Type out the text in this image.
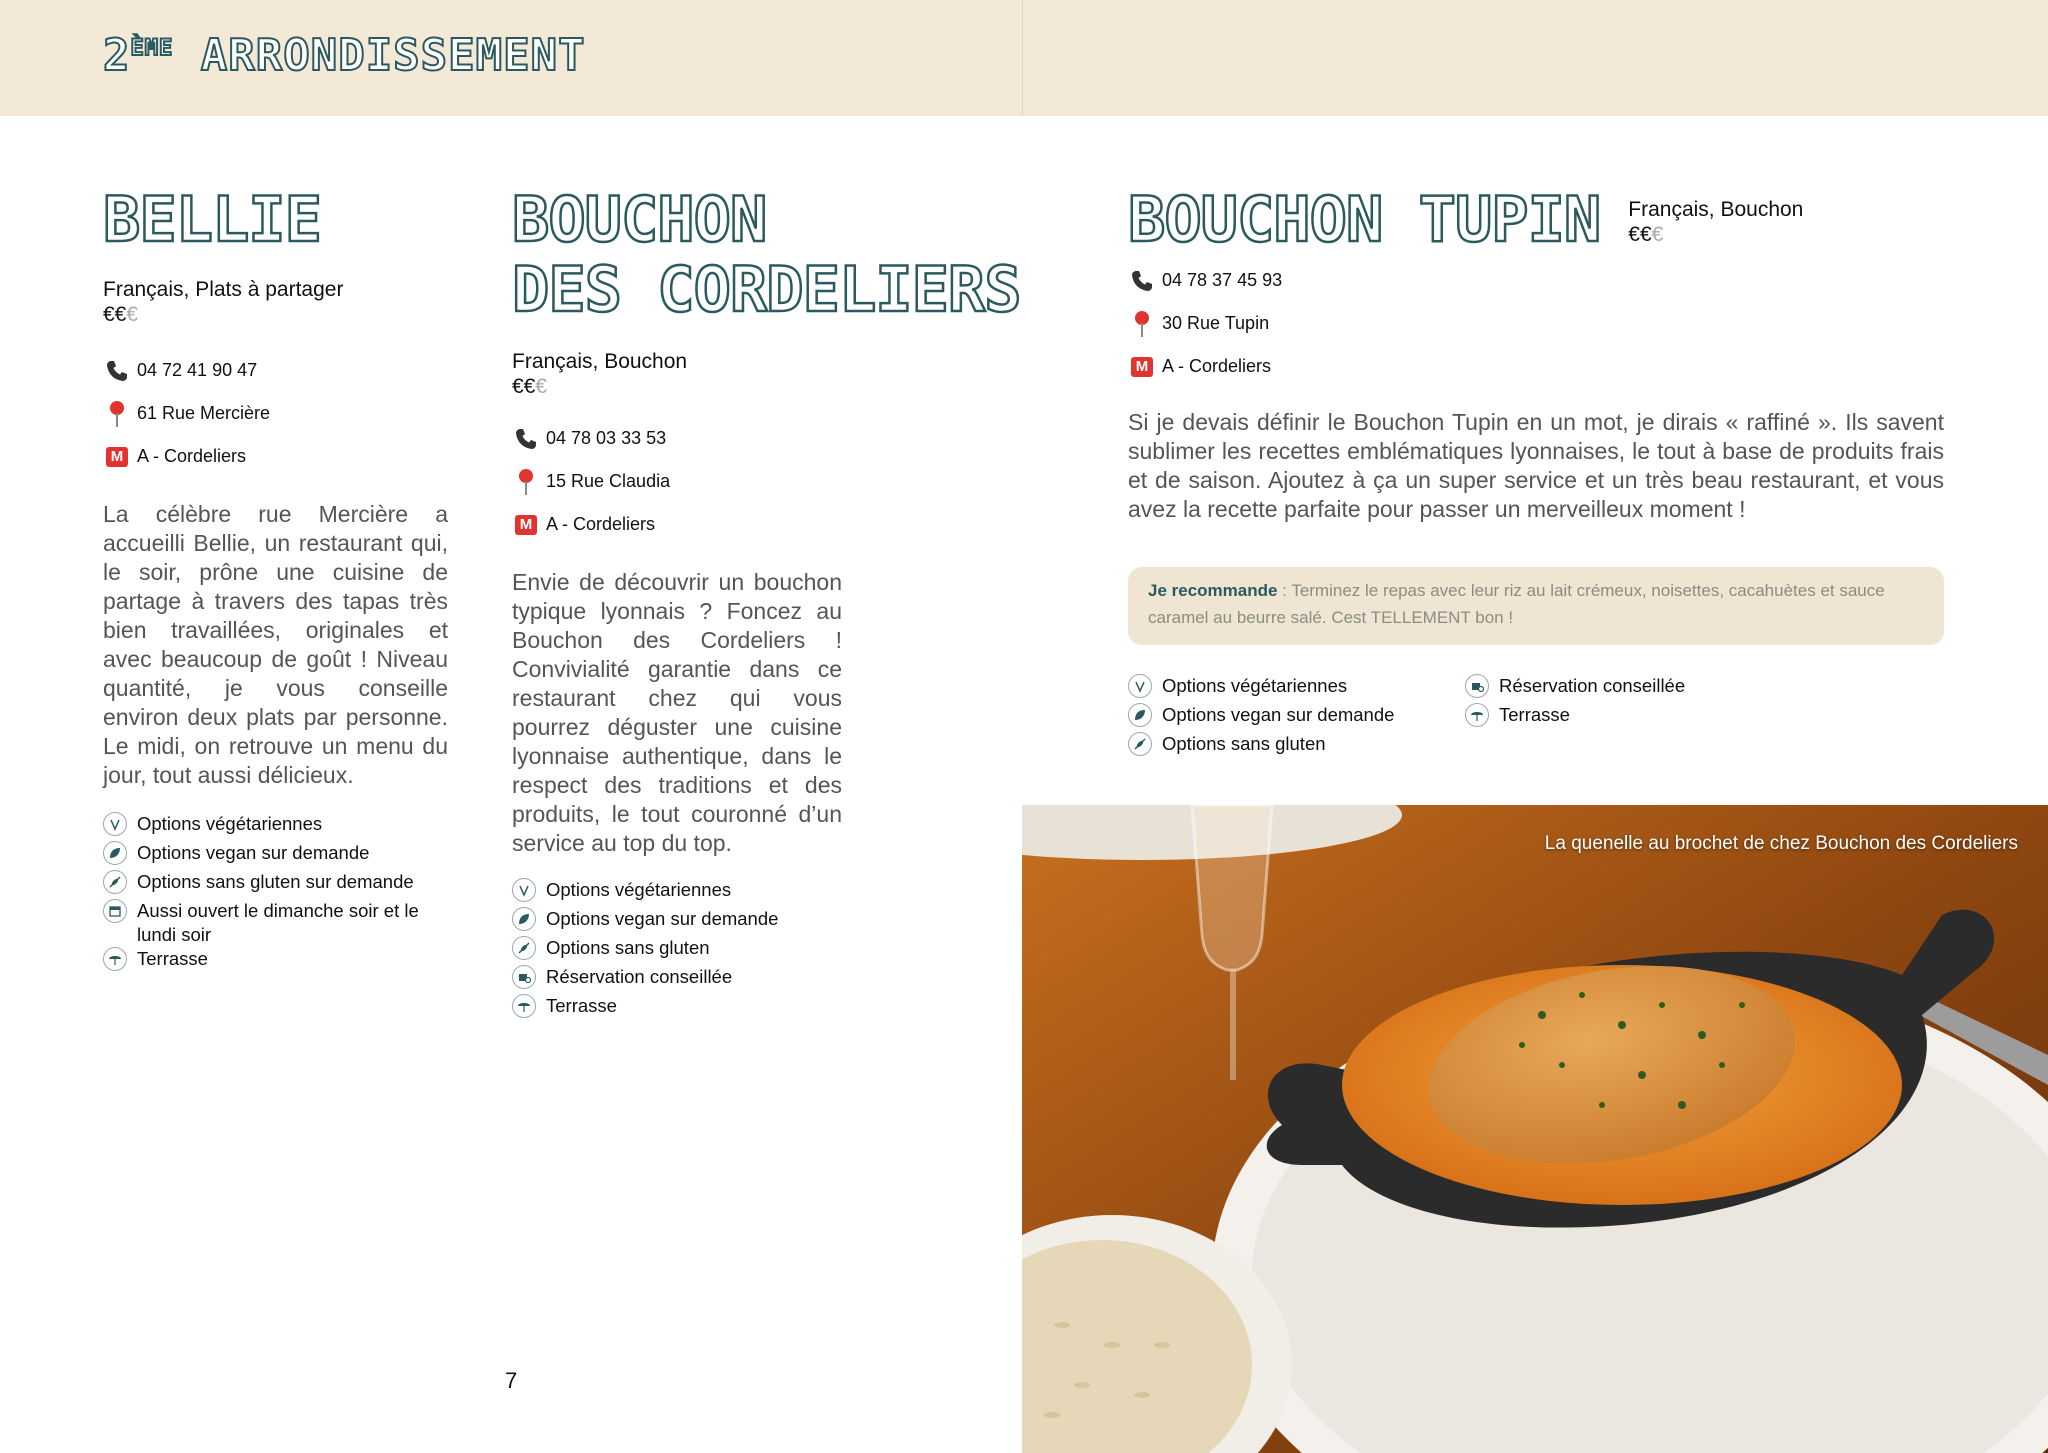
2ÈME ARRONDISSEMENT
BELLIE

Français, Plats à partager

€€€
04 72 41 90 47
61 Rue Mercière
M A - Cordeliers

La célèbre rue Mercière a accueilli Bellie, un restaurant qui, le soir, prône une cuisine de partage à travers des tapas très bien travaillées, originales et avec beaucoup de goût ! Niveau quantité, je vous conseille environ deux plats par personne. Le midi, on retrouve un menu du jour, tout aussi délicieux.

Options végétariennes
Options vegan sur demande
Options sans gluten sur demande
Aussi ouvert le dimanche soir et le lundi soir
Terrasse
BOUCHON
DES CORDELIERS

Français, Bouchon

€€€
04 78 03 33 53
15 Rue Claudia
M A - Cordeliers

Envie de découvrir un bouchon typique lyonnais ? Foncez au Bouchon des Cordeliers ! Convivialité garantie dans ce restaurant chez qui vous pourrez déguster une cuisine lyonnaise authentique, dans le respect des traditions et des produits, le tout couronné d’un service au top du top.

Options végétariennes
Options vegan sur demande
Options sans gluten
Réservation conseillée
Terrasse
BOUCHON TUPIN Français, Bouchon

€€€
04 78 37 45 93
30 Rue Tupin
M A - Cordeliers

Si je devais définir le Bouchon Tupin en un mot, je dirais « raffiné ». Ils savent sublimer les recettes emblématiques lyonnaises, le tout à base de produits frais et de saison. Ajoutez à ça un super service et un très beau restaurant, et vous avez la recette parfaite pour passer un merveilleux moment !

Je recommande : Terminez le repas avec leur riz au lait crémeux, noisettes, cacahuètes et sauce caramel au beurre salé. Cest TELLEMENT bon !
Options végétariennes
Options vegan sur demande
Options sans gluten
Réservation conseillée
Terrasse
La quenelle au brochet de chez Bouchon des Cordeliers
7
